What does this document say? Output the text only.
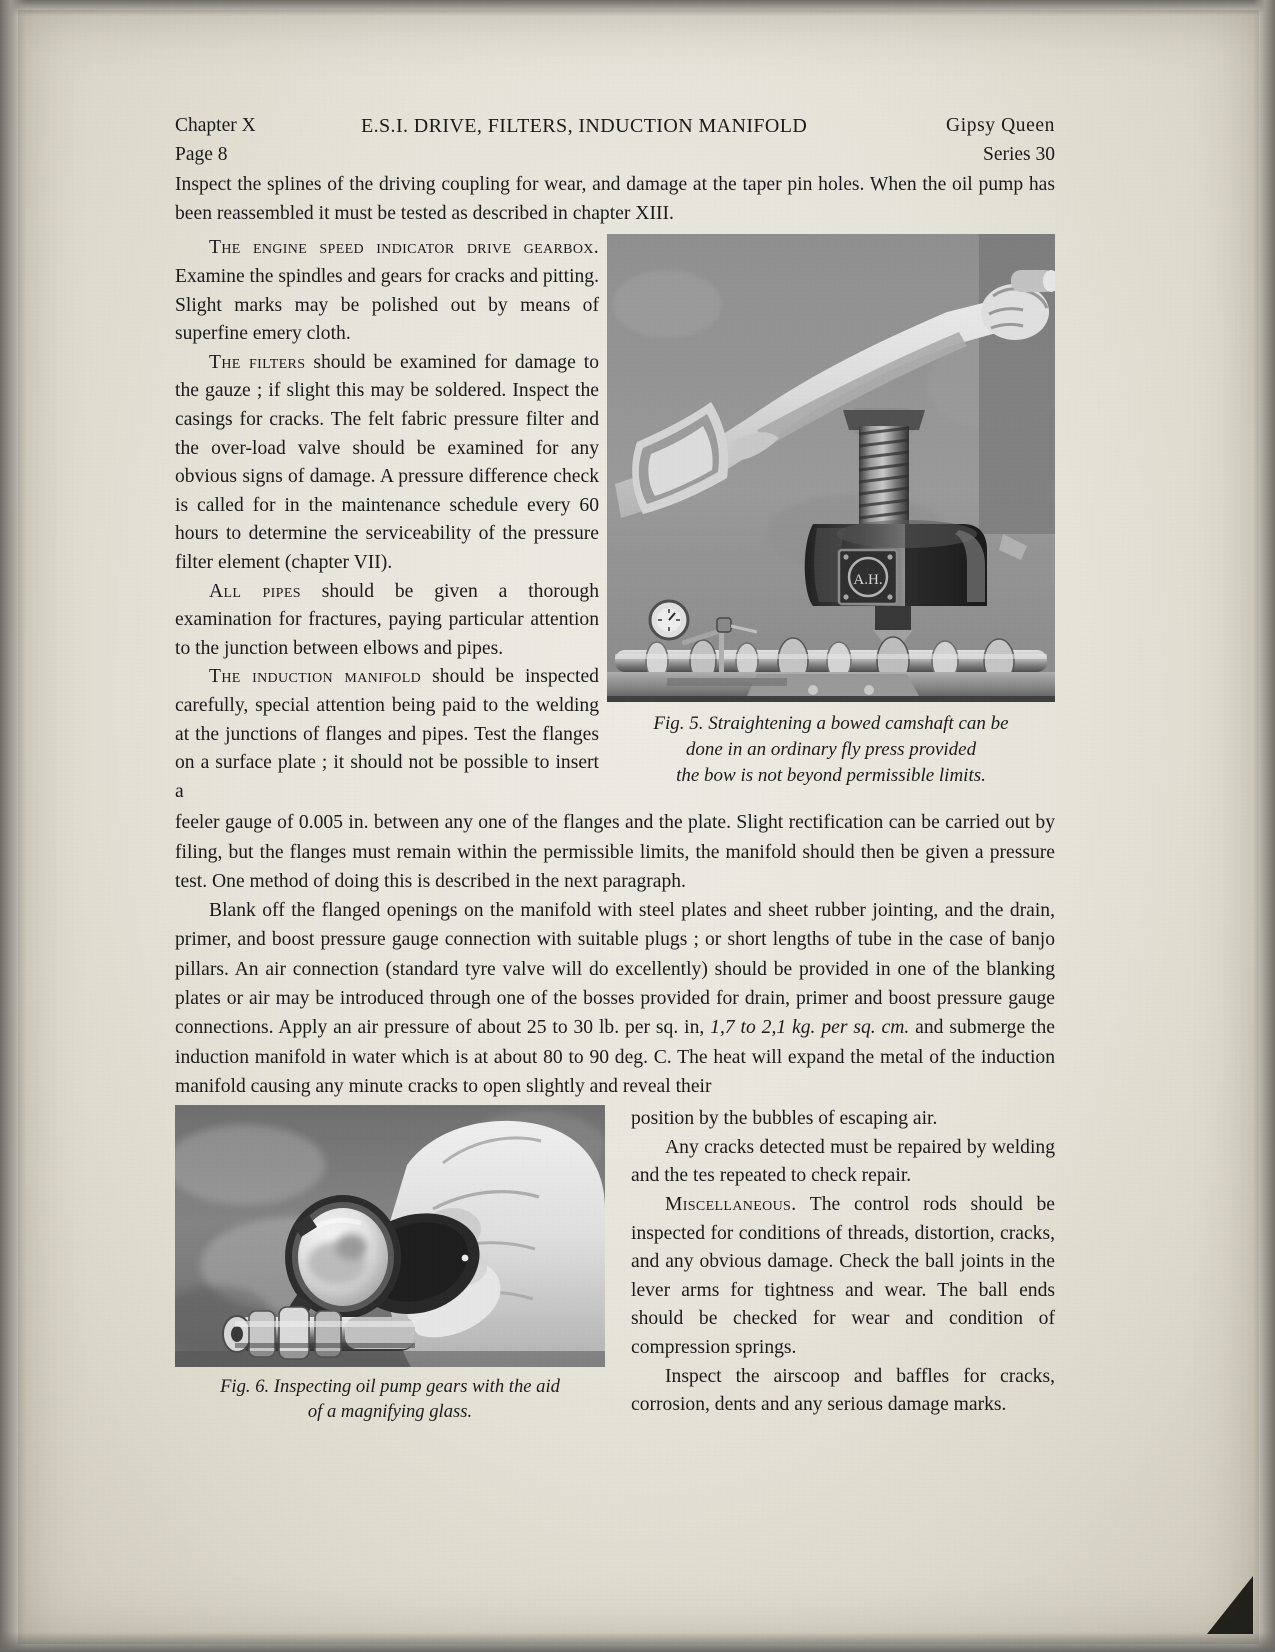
Chapter X
Page 8
E.S.I. DRIVE, FILTERS, INDUCTION MANIFOLD	Gipsy Queen
Series 30

Inspect the splines of the driving coupling for wear, and damage at the taper pin holes. When the oil pump has been reassembled it must be tested as described in chapter XIII.

A.H.
Fig. 5. Straightening a bowed camshaft can be
done in an ordinary fly press provided
the bow is not beyond permissible limits.

The engine speed indicator drive gearbox. Examine the spindles and gears for cracks and pitting. Slight marks may be polished out by means of superfine emery cloth.

The filters should be examined for damage to the gauze ; if slight this may be soldered. Inspect the casings for cracks. The felt fabric pressure filter and the over-load valve should be examined for any obvious signs of damage. A pressure difference check is called for in the maintenance schedule every 60 hours to determine the serviceability of the pressure filter element (chapter VII).

All pipes should be given a thorough examination for fractures, paying particular attention to the junction between elbows and pipes.

The induction manifold should be inspected carefully, special attention being paid to the welding at the junctions of flanges and pipes. Test the flanges on a surface plate ; it should not be possible to insert a

feeler gauge of 0.005 in. between any one of the flanges and the plate. Slight rectification can be carried out by filing, but the flanges must remain within the permissible limits, the manifold should then be given a pressure test. One method of doing this is described in the next paragraph.

Blank off the flanged openings on the manifold with steel plates and sheet rubber jointing, and the drain, primer, and boost pressure gauge connection with suitable plugs ; or short lengths of tube in the case of banjo pillars. An air connection (standard tyre valve will do excellently) should be provided in one of the blanking plates or air may be introduced through one of the bosses provided for drain, primer and boost pressure gauge connections. Apply an air pressure of about 25 to 30 lb. per sq. in, 1,7 to 2,1 kg. per sq. cm. and submerge the induction manifold in water which is at about 80 to 90 deg. C. The heat will expand the metal of the induction manifold causing any minute cracks to open slightly and reveal their

Fig. 6. Inspecting oil pump gears with the aid
of a magnifying glass.

position by the bubbles of escaping air.

Any cracks detected must be repaired by welding and the tes repeated to check repair.

Miscellaneous. The control rods should be inspected for conditions of threads, distortion, cracks, and any obvious damage. Check the ball joints in the lever arms for tightness and wear. The ball ends should be checked for wear and condition of compression springs.

Inspect the airscoop and baffles for cracks, corrosion, dents and any serious damage marks.
